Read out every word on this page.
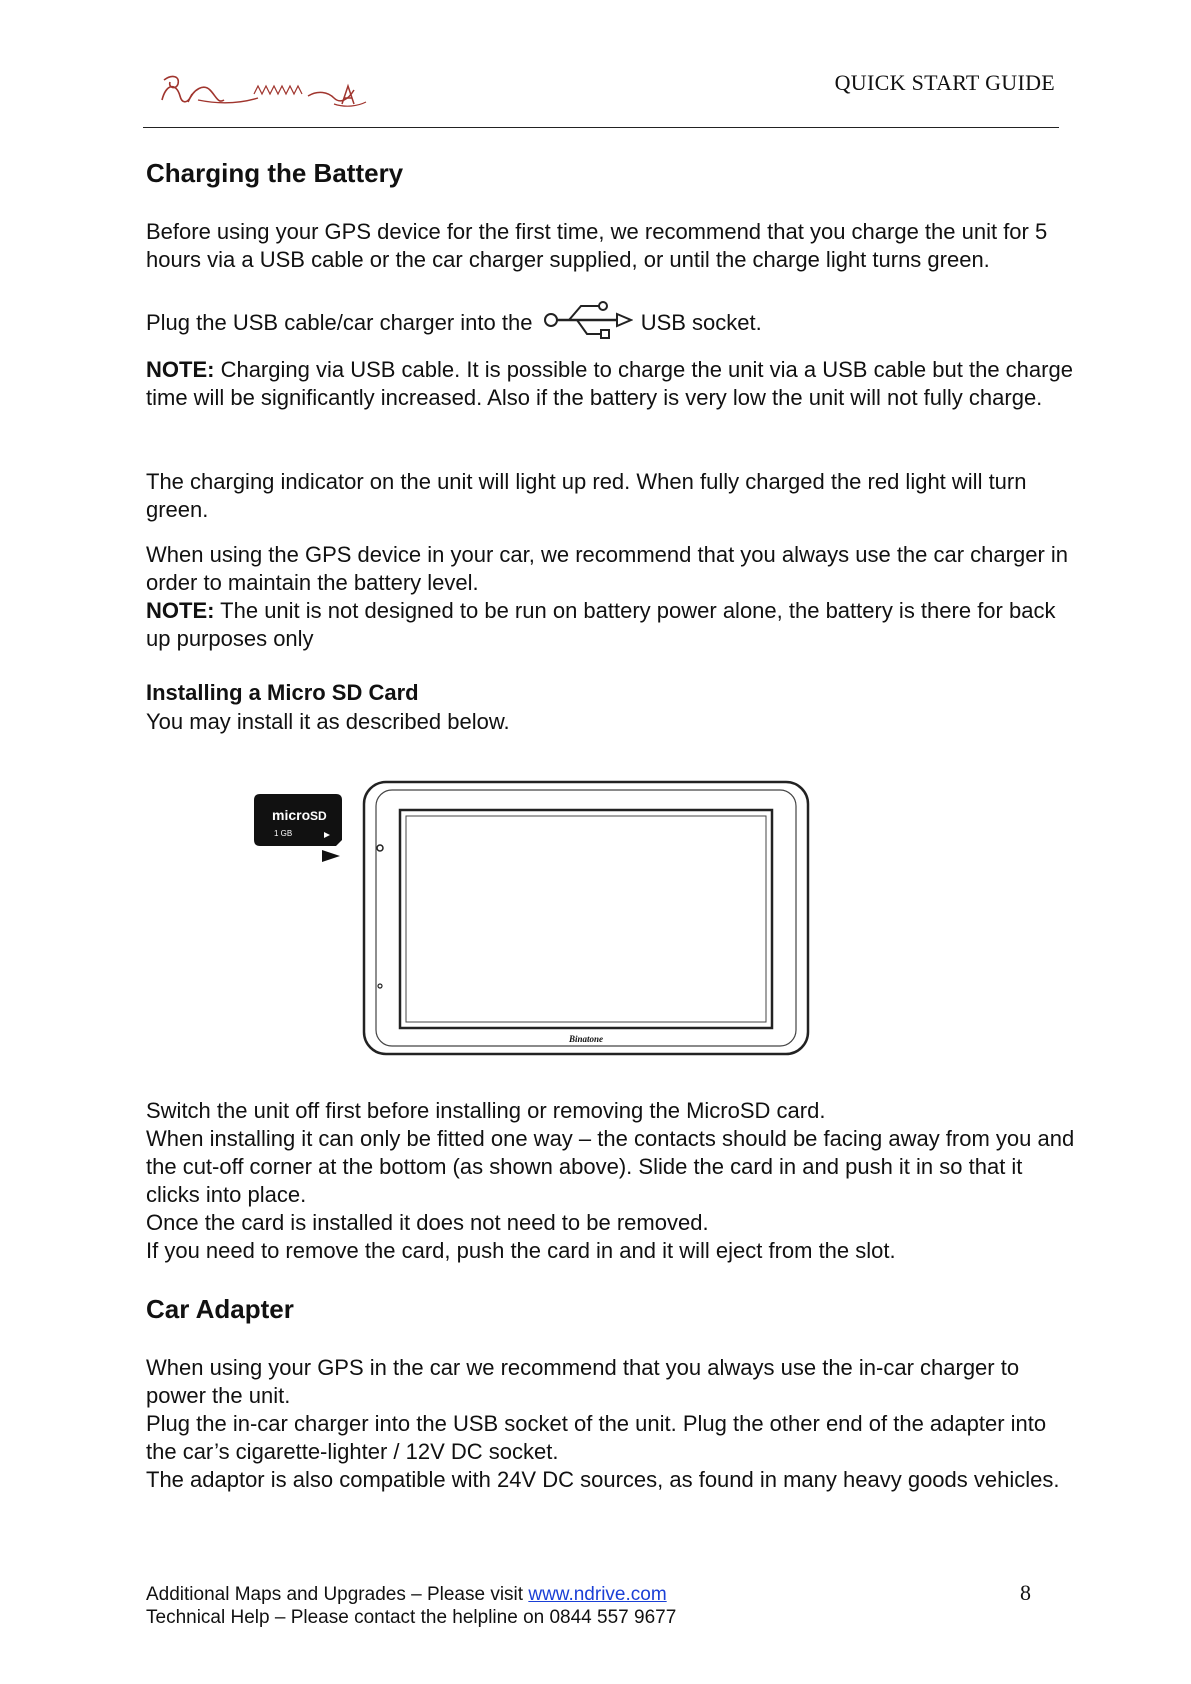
QUICK START GUIDE
Charging the Battery
Before using your GPS device for the first time, we recommend that you charge the unit for 5 hours via a USB cable or the car charger supplied, or until the charge light turns green.
Plug the USB cable/car charger into the	USB socket.
NOTE: Charging via USB cable. It is possible to charge the unit via a USB cable but the charge time will be significantly increased. Also if the battery is very low the unit will not fully charge.
The charging indicator on the unit will light up red. When fully charged the red light will turn green.
When using the GPS device in your car, we recommend that you always use the car charger in order to maintain the battery level.
NOTE: The unit is not designed to be run on battery power alone, the battery is there for back up purposes only
Installing a Micro SD Card
You may install it as described below.
micro SD
1 GB
Binatone
Switch the unit off first before installing or removing the MicroSD card.
When installing it can only be fitted one way – the contacts should be facing away from you and the cut-off corner at the bottom (as shown above). Slide the card in and push it in so that it clicks into place.
Once the card is installed it does not need to be removed.
If you need to remove the card, push the card in and it will eject from the slot.
Car Adapter
When using your GPS in the car we recommend that you always use the in-car charger to power the unit.
Plug the in-car charger into the USB socket of the unit. Plug the other end of the adapter into the car’s cigarette-lighter / 12V DC socket.
The adaptor is also compatible with 24V DC sources, as found in many heavy goods vehicles.
Additional Maps and Upgrades – Please visit www.ndrive.com
Technical Help – Please contact the helpline on 0844 557 9677
8
